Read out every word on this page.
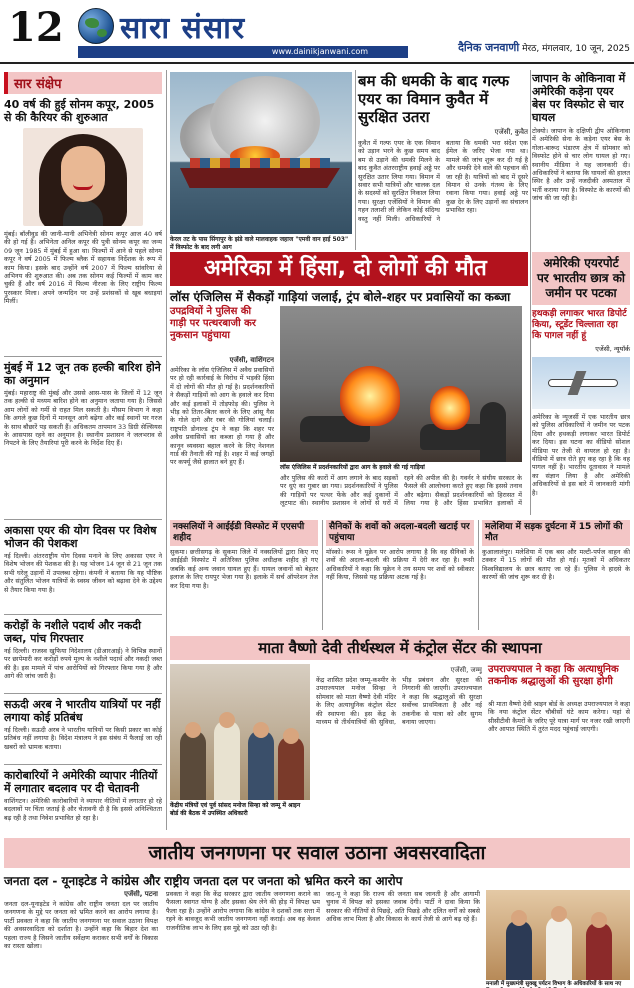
12 सारा संसार
www.dainikjanwani.com	दैनिक जनवाणी मेरठ, मंगलवार, 10 जून, 2025
सार संक्षेप
40 वर्ष की हुई सोनम कपूर, 2005 से की कैरियर की शुरुआत
मुंबई। बॉलीवुड की जानी-मानी अभिनेत्री सोनम कपूर आज 40 वर्ष की हो गई हैं। अभिनेता अनिल कपूर की पुत्री सोनम कपूर का जन्म 09 जून 1985 में मुंबई में हुआ था। फिल्मों में आने से पहले सोनम कपूर ने वर्ष 2005 में फिल्म ब्लैक में सहायक निर्देशक के रूप में काम किया। इसके बाद उन्होंने वर्ष 2007 में फिल्म सांवरिया से अभिनय की शुरुआत की। अब तक सोनम कई फिल्मों में काम कर चुकी हैं और वर्ष 2016 में फिल्म नीरजा के लिए राष्ट्रीय फिल्म पुरस्कार मिला। अपने जन्मदिन पर उन्हें प्रशंसकों से खूब बधाइयां मिलीं।
मुंबई में 12 जून तक हल्की बारिश होने का अनुमान
मुंबई। महाराष्ट्र की मुंबई और उससे आस-पास के जिलों में 12 जून तक हल्की से मध्यम बारिश होने का अनुमान जताया गया है। जिससे आम लोगों को गर्मी से राहत मिल सकती है। मौसम विभाग ने कहा कि अगले कुछ दिनों में मानसून आगे बढ़ेगा और कई स्थानों पर गरज के साथ बौछारें पड़ सकती हैं। अधिकतम तापमान 33 डिग्री सेल्सियस के आसपास रहने का अनुमान है। स्थानीय प्रशासन ने जलभराव से निपटने के लिए तैयारियां पूरी करने के निर्देश दिए हैं।
अकासा एयर की योग दिवस पर विशेष भोजन की पेशकश
नई दिल्ली। अंतरराष्ट्रीय योग दिवस मनाने के लिए अकासा एयर ने विशेष भोजन की पेशकश की है। यह भोजन 14 जून से 21 जून तक सभी घरेलू उड़ानों में उपलब्ध रहेगा। कंपनी ने बताया कि यह पौष्टिक और संतुलित भोजन यात्रियों के स्वस्थ जीवन को बढ़ावा देने के उद्देश्य से तैयार किया गया है।
करोड़ों के नशीले पदार्थ और नकदी जब्त, पांच गिरफ्तार
नई दिल्ली। राजस्व खुफिया निदेशालय (डीआरआई) ने विभिन्न स्थानों पर छापेमारी कर करोड़ों रुपये मूल्य के नशीले पदार्थ और नकदी जब्त की है। इस मामले में पांच आरोपियों को गिरफ्तार किया गया है और आगे की जांच जारी है।
सऊदी अरब ने भारतीय यात्रियों पर नहीं लगाया कोई प्रतिबंध
नई दिल्ली। सऊदी अरब ने भारतीय यात्रियों पर किसी प्रकार का कोई प्रतिबंध नहीं लगाया है। विदेश मंत्रालय ने इस संबंध में फैलाई जा रही खबरों को भ्रामक बताया।
कारोबारियों ने अमेरिकी व्यापार नीतियों में लगातार बदलाव पर दी चेतावनी
वाशिंगटन। अमेरिकी कारोबारियों ने व्यापार नीतियों में लगातार हो रहे बदलावों पर चिंता जताई है और चेतावनी दी है कि इससे अनिश्चितता बढ़ रही है तथा निवेश प्रभावित हो रहा है।
केरल तट के पास सिंगापुर के झंडे वाले मालवाहक जहाज "एमवी वान हाई 503" में विस्फोट के बाद लगी आग
बम की धमकी के बाद गल्फ एयर का विमान कुवैत में सुरक्षित उतरा
एजेंसी, कुवैत
कुवैत में गल्फ एयर के एक विमान को उड़ान भरने के कुछ समय बाद बम से उड़ाने की धमकी मिलने के बाद कुवैत अंतरराष्ट्रीय हवाई अड्डे पर सुरक्षित उतार लिया गया। विमान में सवार सभी यात्रियों और चालक दल के सदस्यों को सुरक्षित निकाल लिया गया। सुरक्षा एजेंसियों ने विमान की गहन तलाशी ली लेकिन कोई संदिग्ध वस्तु नहीं मिली। अधिकारियों ने बताया कि धमकी भरा संदेश एक ईमेल के जरिए भेजा गया था। मामले की जांच शुरू कर दी गई है और धमकी देने वाले की पहचान की जा रही है। यात्रियों को बाद में दूसरे विमान से उनके गंतव्य के लिए रवाना किया गया। हवाई अड्डे पर कुछ देर के लिए उड़ानों का संचालन प्रभावित रहा।
जापान के ओकिनावा में अमेरिकी कड़ेना एयर बेस पर विस्फोट से चार घायल
टोक्यो। जापान के दक्षिणी द्वीप ओकिनावा में अमेरिकी सेना के कड़ेना एयर बेस के गोला-बारूद भंडारण क्षेत्र में सोमवार को विस्फोट होने से चार लोग घायल हो गए। स्थानीय मीडिया ने यह जानकारी दी। अधिकारियों ने बताया कि घायलों की हालत स्थिर है और उन्हें नजदीकी अस्पताल में भर्ती कराया गया है। विस्फोट के कारणों की जांच की जा रही है।
अमेरिका में हिंसा, दो लोगों की मौत
लॉस एंजिलिस में सैकड़ों गाड़ियां जलाई, ट्रंप बोले-शहर पर प्रवासियों का कब्जा
उपद्रवियों ने पुलिस की गाड़ी पर पत्थरबाजी कर नुकसान पहुंचाया
एजेंसी, वाशिंगटन
अमेरिका के लॉस एंजिलिस में अवैध प्रवासियों पर हो रही कार्रवाई के विरोध में भड़की हिंसा में दो लोगों की मौत हो गई है। प्रदर्शनकारियों ने सैकड़ों गाड़ियों को आग के हवाले कर दिया और कई इलाकों में तोड़फोड़ की। पुलिस ने भीड़ को तितर-बितर करने के लिए आंसू गैस के गोले दागे और रबर की गोलियां चलाईं। राष्ट्रपति डोनाल्ड ट्रंप ने कहा कि शहर पर अवैध प्रवासियों का कब्जा हो गया है और कानून व्यवस्था बहाल करने के लिए नेशनल गार्ड की तैनाती की गई है। शहर में कई जगहों पर कर्फ्यू जैसे हालात बने हुए हैं।
लॉस एंजिलिस में प्रदर्शनकारियों द्वारा आग के हवाले की गई गाड़ियां
और पुलिस की कारों में आग लगाने के बाद सड़कों पर धुएं का गुबार छा गया। प्रदर्शनकारियों ने पुलिस की गाड़ियों पर पत्थर फेंके और कई दुकानों में लूटपाट की। स्थानीय प्रशासन ने लोगों से घरों में रहने की अपील की है। गवर्नर ने संघीय सरकार के फैसले की आलोचना करते हुए कहा कि इससे तनाव और बढ़ेगा। सैकड़ों प्रदर्शनकारियों को हिरासत में लिया गया है और हिंसा प्रभावित इलाकों में
अमेरिकी एयरपोर्ट पर भारतीय छात्र को जमीन पर पटका
हथकड़ी लगाकर भारत डिपोर्ट किया, स्टूडेंट चिल्लाता रहा कि पागल नहीं हूं
एजेंसी, न्यूयॉर्क
अमेरिका के न्यूजर्सी में एक भारतीय छात्र को पुलिस अधिकारियों ने जमीन पर पटक दिया और हथकड़ी लगाकर भारत डिपोर्ट कर दिया। इस घटना का वीडियो सोशल मीडिया पर तेजी से वायरल हो रहा है। वीडियो में छात्र रोते हुए कह रहा है कि वह पागल नहीं है। भारतीय दूतावास ने मामले का संज्ञान लिया है और अमेरिकी अधिकारियों से इस बारे में जानकारी मांगी है।
नक्सलियों ने आईईडी विस्फोट में एएसपी शहीद
सुकमा। छत्तीसगढ़ के सुकमा जिले में नक्सलियों द्वारा किए गए आईईडी विस्फोट में अतिरिक्त पुलिस अधीक्षक शहीद हो गए जबकि कई अन्य जवान घायल हुए हैं। घायल जवानों को बेहतर इलाज के लिए रायपुर भेजा गया है। इलाके में सर्च ऑपरेशन तेज कर दिया गया है।
सैनिकों के शवों को अदला-बदली खटाई पर पहुंचाया
मॉस्को। रूस ने यूक्रेन पर आरोप लगाया है कि वह सैनिकों के शवों की अदला-बदली की प्रक्रिया में देरी कर रहा है। रूसी अधिकारियों ने कहा कि यूक्रेन ने तय समय पर शवों को स्वीकार नहीं किया, जिससे यह प्रक्रिया अटक गई है।
मलेशिया में सड़क दुर्घटना में 15 लोगों की मौत
कुआलालंपुर। मलेशिया में एक बस और मल्टी-पर्पज वाहन की टक्कर में 15 लोगों की मौत हो गई। मृतकों में अधिकतर विश्वविद्यालय के छात्र बताए जा रहे हैं। पुलिस ने हादसे के कारणों की जांच शुरू कर दी है।
माता वैष्णो देवी तीर्थस्थल में कंट्रोल सेंटर की स्थापना
केंद्रीय मंत्रियों एवं पूर्व सांसद मनोज सिन्हा को जम्मू में श्राइन बोर्ड की बैठक में उपस्थित अधिकारी
एजेंसी, जम्मू
केंद्र शासित प्रदेश जम्मू-कश्मीर के उपराज्यपाल मनोज सिन्हा ने सोमवार को माता वैष्णो देवी मंदिर के लिए अत्याधुनिक कंट्रोल सेंटर की स्थापना की। इस केंद्र के माध्यम से तीर्थयात्रियों की सुविधा, भीड़ प्रबंधन और सुरक्षा की निगरानी की जाएगी। उपराज्यपाल ने कहा कि श्रद्धालुओं की सुरक्षा सर्वोच्च प्राथमिकता है और नई तकनीक से यात्रा को और सुगम बनाया जाएगा।
उपराज्यपाल ने कहा कि अत्याधुनिक तकनीक श्रद्धालुओं की सुरक्षा होगी
श्री माता वैष्णो देवी श्राइन बोर्ड के अध्यक्ष उपराज्यपाल ने कहा कि नया कंट्रोल सेंटर चौबीसों घंटे काम करेगा। यहां से सीसीटीवी कैमरों के जरिए पूरे यात्रा मार्ग पर नजर रखी जाएगी और आपात स्थिति में तुरंत मदद पहुंचाई जाएगी।
जातीय जनगणना पर सवाल उठाना अवसरवादिता
जनता दल - यूनाइटेड ने कांग्रेस और राष्ट्रीय जनता दल पर जनता को भ्रमित करने का आरोप
एजेंसी, पटना
जनता दल-यूनाइटेड ने कांग्रेस और राष्ट्रीय जनता दल पर जातीय जनगणना के मुद्दे पर जनता को भ्रमित करने का आरोप लगाया है। पार्टी प्रवक्ता ने कहा कि जातीय जनगणना पर सवाल उठाना विपक्ष की अवसरवादिता को दर्शाता है। उन्होंने कहा कि बिहार देश का पहला राज्य है जिसने जातीय सर्वेक्षण कराकर सभी वर्गों के विकास का रास्ता खोला।
प्रवक्ता ने कहा कि केंद्र सरकार द्वारा जातीय जनगणना कराने का फैसला स्वागत योग्य है और इसका श्रेय लेने की होड़ में विपक्ष भ्रम फैला रहा है। उन्होंने आरोप लगाया कि कांग्रेस ने दशकों तक सत्ता में रहने के बावजूद कभी जातीय जनगणना नहीं कराई। अब वह केवल राजनीतिक लाभ के लिए इस मुद्दे को उठा रही है।
जद-यू ने कहा कि राज्य की जनता सब जानती है और आगामी चुनाव में विपक्ष को इसका जवाब देगी। पार्टी ने दावा किया कि सरकार की नीतियों से पिछड़े, अति पिछड़े और दलित वर्गों को सबसे अधिक लाभ मिला है और विकास के कार्य तेजी से आगे बढ़ रहे हैं।
मनाली में मुख्यमंत्री सुक्खू पर्यटन विभाग के अधिकारियों के साथ नए
